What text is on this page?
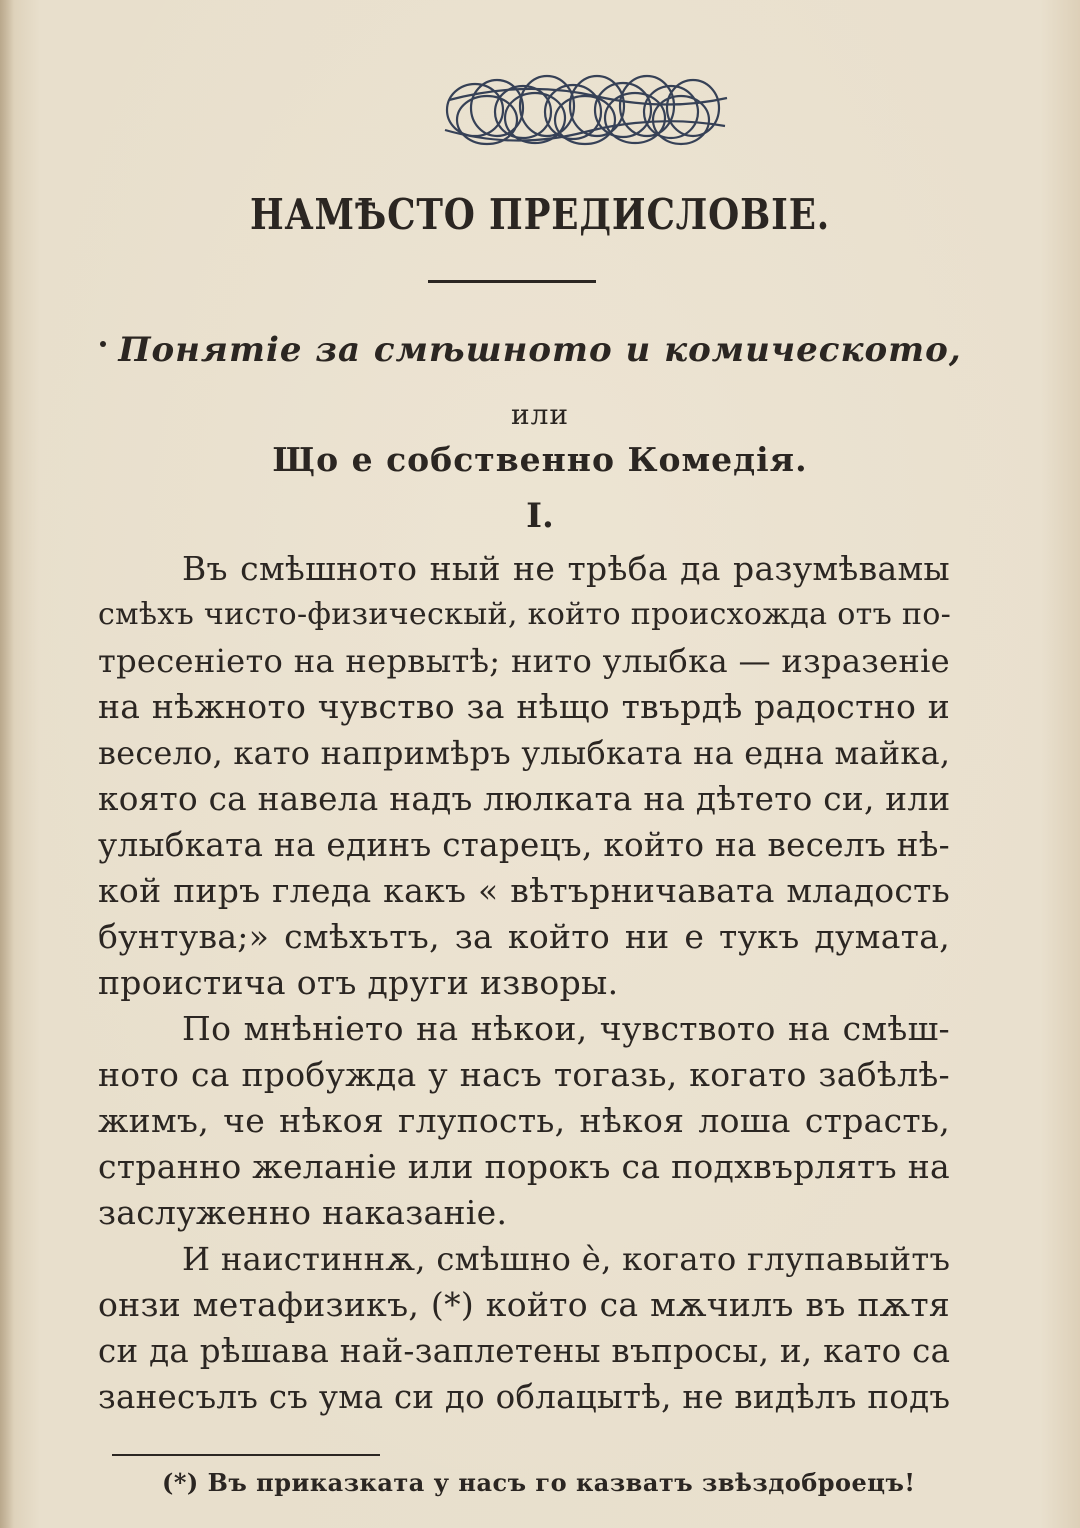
НАМѢСТО ПРЕДИСЛОВІЕ.
Понятіе за смѣшното и комическото,
или
Що е собственно Комедія.
I.
Въ смѣшното ный не трѣба да разумѣвамы
смѣхъ чисто-физическый, който происхожда отъ по-
тресеніето на нервытѣ; нито улыбка — изразеніе
на нѣжното чувство за нѣщо твърдѣ радостно и
весело, като напримѣръ улыбката на една майка,
която са навела надъ люлката на дѣтето си, или
улыбката на единъ старецъ, който на веселъ нѣ-
кой пиръ гледа какъ « вѣтърничавата младость
бунтува;» смѣхътъ, за който ни е тукъ думата,
проистича отъ други изворы.
По мнѣніето на нѣкои, чувството на смѣш-
ното са пробужда у насъ тогазь, когато забѣлѣ-
жимъ, че нѣкоя глупость, нѣкоя лоша страсть,
странно желаніе или порокъ са подхвърлятъ на
заслуженно наказаніе.
И наистиннѫ, смѣшно ѐ, когато глупавыйтъ
онзи метафизикъ, (*) който са мѫчилъ въ пѫтя
си да рѣшава най-заплетены въпросы, и, като са
занесълъ съ ума си до облацытѣ, не видѣлъ подъ
(*) Въ приказката у насъ го казватъ звѣздоброецъ!
